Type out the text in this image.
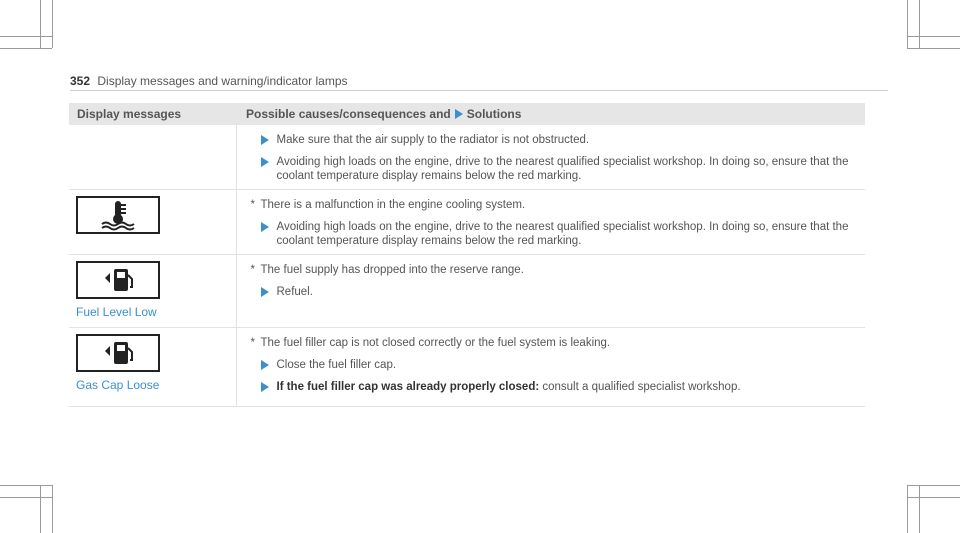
352 Display messages and warning/indicator lamps
Display messages	Possible causes/consequences and Solutions

	Make sure that the air supply to the radiator is not obstructed.
Avoiding high loads on the engine, drive to the nearest qualified specialist workshop. In doing so, ensure that the coolant temperature display remains below the red marking.

* There is a malfunction in the engine cooling system.
Avoiding high loads on the engine, drive to the nearest qualified specialist workshop. In doing so, ensure that the coolant temperature display remains below the red marking.

Fuel Level Low	* The fuel supply has dropped into the reserve range.
Refuel.

Gas Cap Loose	* The fuel filler cap is not closed correctly or the fuel system is leaking.
Close the fuel filler cap.
If the fuel filler cap was already properly closed: consult a qualified specialist workshop.
